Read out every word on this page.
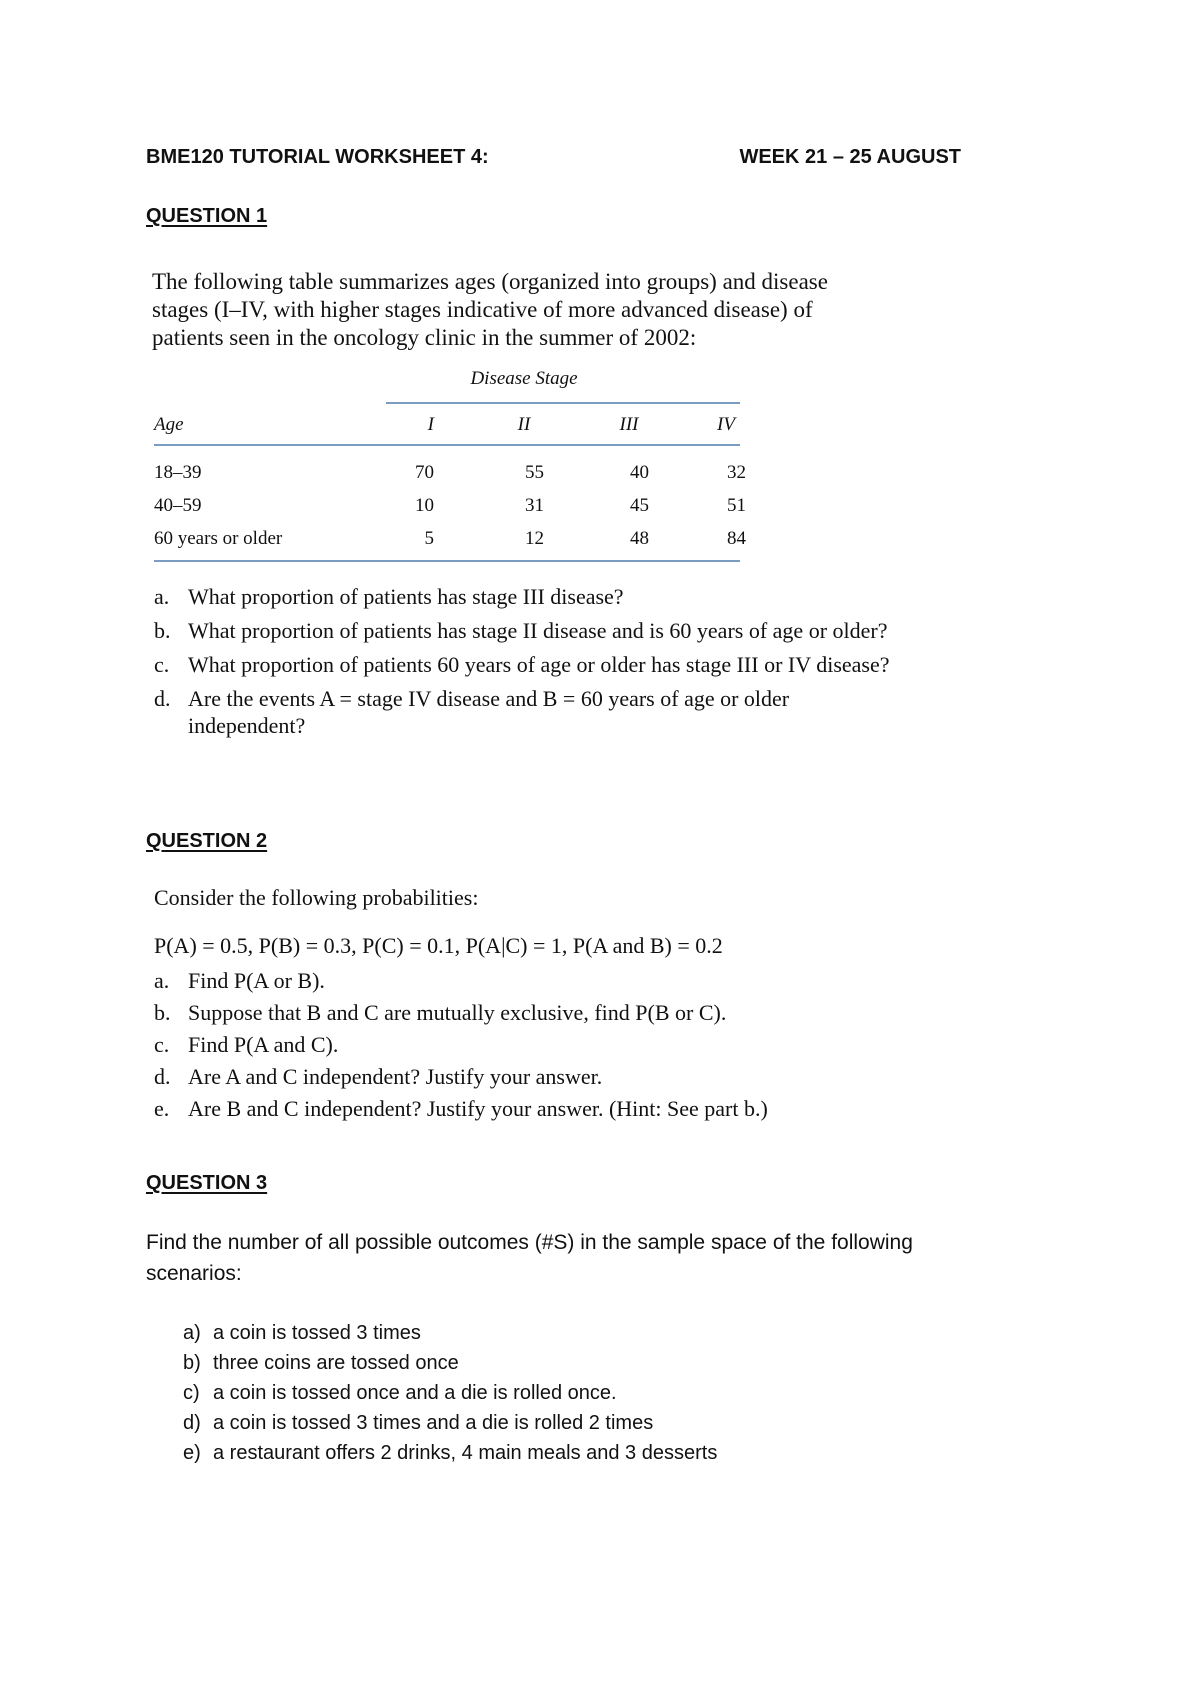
BME120 TUTORIAL WORKSHEET 4:	WEEK 21 – 25 AUGUST
QUESTION 1
The following table summarizes ages (organized into groups) and disease stages (I–IV, with higher stages indicative of more advanced disease) of patients seen in the oncology clinic in the summer of 2002:
Disease Stage
Age	I	II	III	IV
18–39	70	55	40	32
40–59	10	31	45	51
60 years or older	5	12	48	84
a. What proportion of patients has stage III disease?
b. What proportion of patients has stage II disease and is 60 years of age or older?
c. What proportion of patients 60 years of age or older has stage III or IV disease?
d. Are the events A = stage IV disease and B = 60 years of age or older independent?
QUESTION 2
Consider the following probabilities:
P(A) = 0.5, P(B) = 0.3, P(C) = 0.1, P(A|C) = 1, P(A and B) = 0.2
a. Find P(A or B).
b. Suppose that B and C are mutually exclusive, find P(B or C).
c. Find P(A and C).
d. Are A and C independent? Justify your answer.
e. Are B and C independent? Justify your answer. (Hint: See part b.)
QUESTION 3
Find the number of all possible outcomes (#S) in the sample space of the following scenarios:
a) a coin is tossed 3 times
b) three coins are tossed once
c) a coin is tossed once and a die is rolled once.
d) a coin is tossed 3 times and a die is rolled 2 times
e) a restaurant offers 2 drinks, 4 main meals and 3 desserts
